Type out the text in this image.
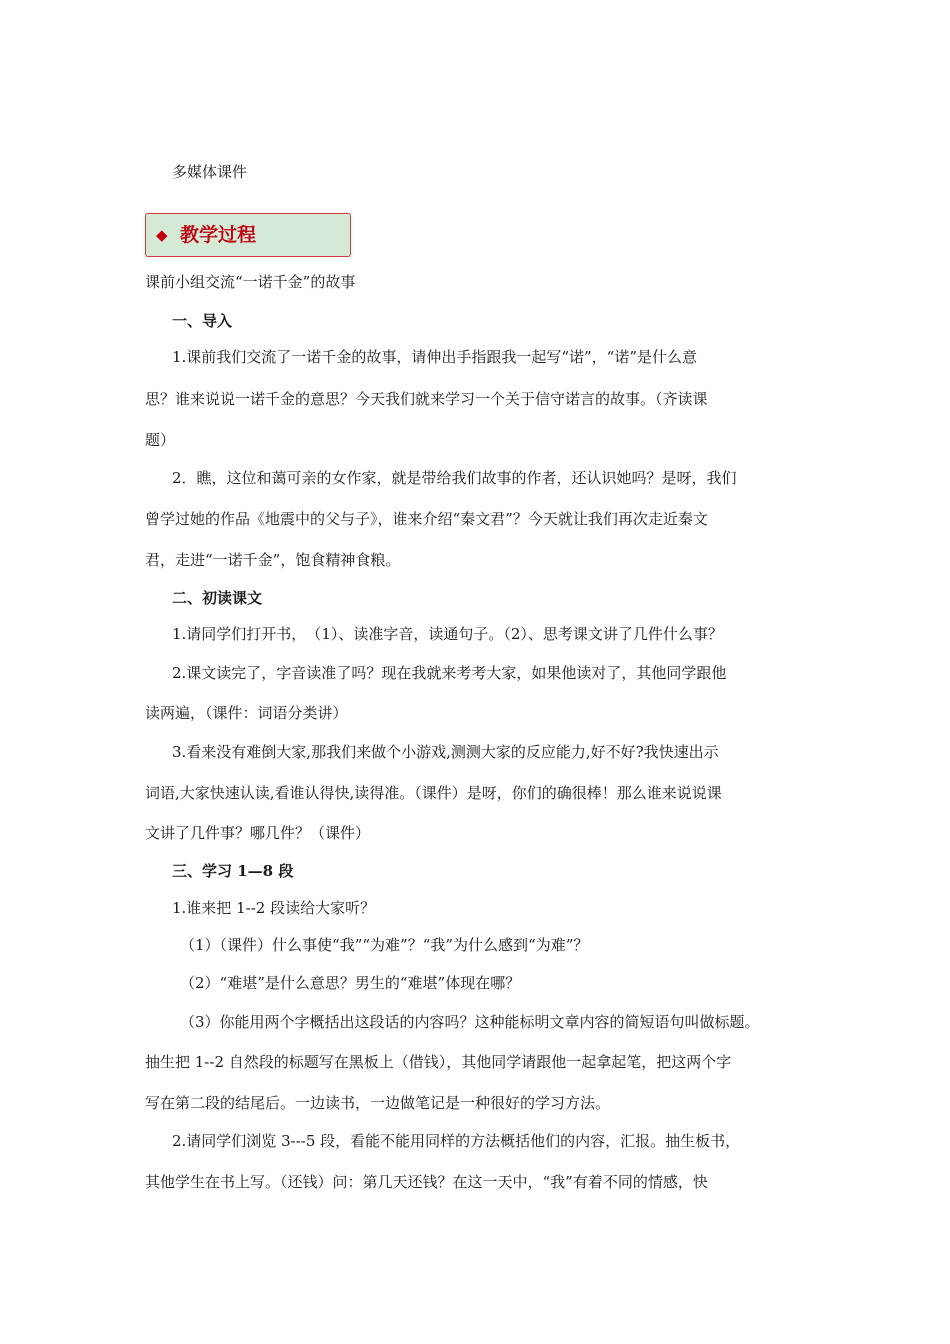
多媒体课件
◆ 教学过程
课前小组交流“一诺千金”的故事
一、导入
1.课前我们交流了一诺千金的故事，请伸出手指跟我一起写“诺”，“诺”是什么意
思？谁来说说一诺千金的意思？今天我们就来学习一个关于信守诺言的故事。（齐读课
题）
2．瞧，这位和蔼可亲的女作家，就是带给我们故事的作者，还认识她吗？是呀，我们
曾学过她的作品《地震中的父与子》，谁来介绍“秦文君”？今天就让我们再次走近秦文
君，走进“一诺千金”，饱食精神食粮。
二、初读课文
1.请同学们打开书，　（1）、读准字音，读通句子。（2）、思考课文讲了几件什么事？
2.课文读完了，字音读准了吗？现在我就来考考大家，如果他读对了，其他同学跟他
读两遍，（课件：词语分类讲）
3.看来没有难倒大家,那我们来做个小游戏,测测大家的反应能力,好不好?我快速出示
词语,大家快速认读,看谁认得快,读得准。（课件）是呀，你们的确很棒！那么谁来说说课
文讲了几件事？哪几件？（课件）
三、学习 1—8 段
1.谁来把 1--2 段读给大家听？
（1）（课件）什么事使“我”“为难”？“我”为什么感到“为难”？
（2）“难堪”是什么意思？男生的“难堪”体现在哪？
（3）你能用两个字概括出这段话的内容吗？这种能标明文章内容的简短语句叫做标题。
抽生把 1--2 自然段的标题写在黑板上（借钱），其他同学请跟他一起拿起笔，把这两个字
写在第二段的结尾后。一边读书，一边做笔记是一种很好的学习方法。
2.请同学们浏览 3---5 段，看能不能用同样的方法概括他们的内容，汇报。抽生板书，
其他学生在书上写。（还钱）问：第几天还钱？在这一天中，“我”有着不同的情感，快
